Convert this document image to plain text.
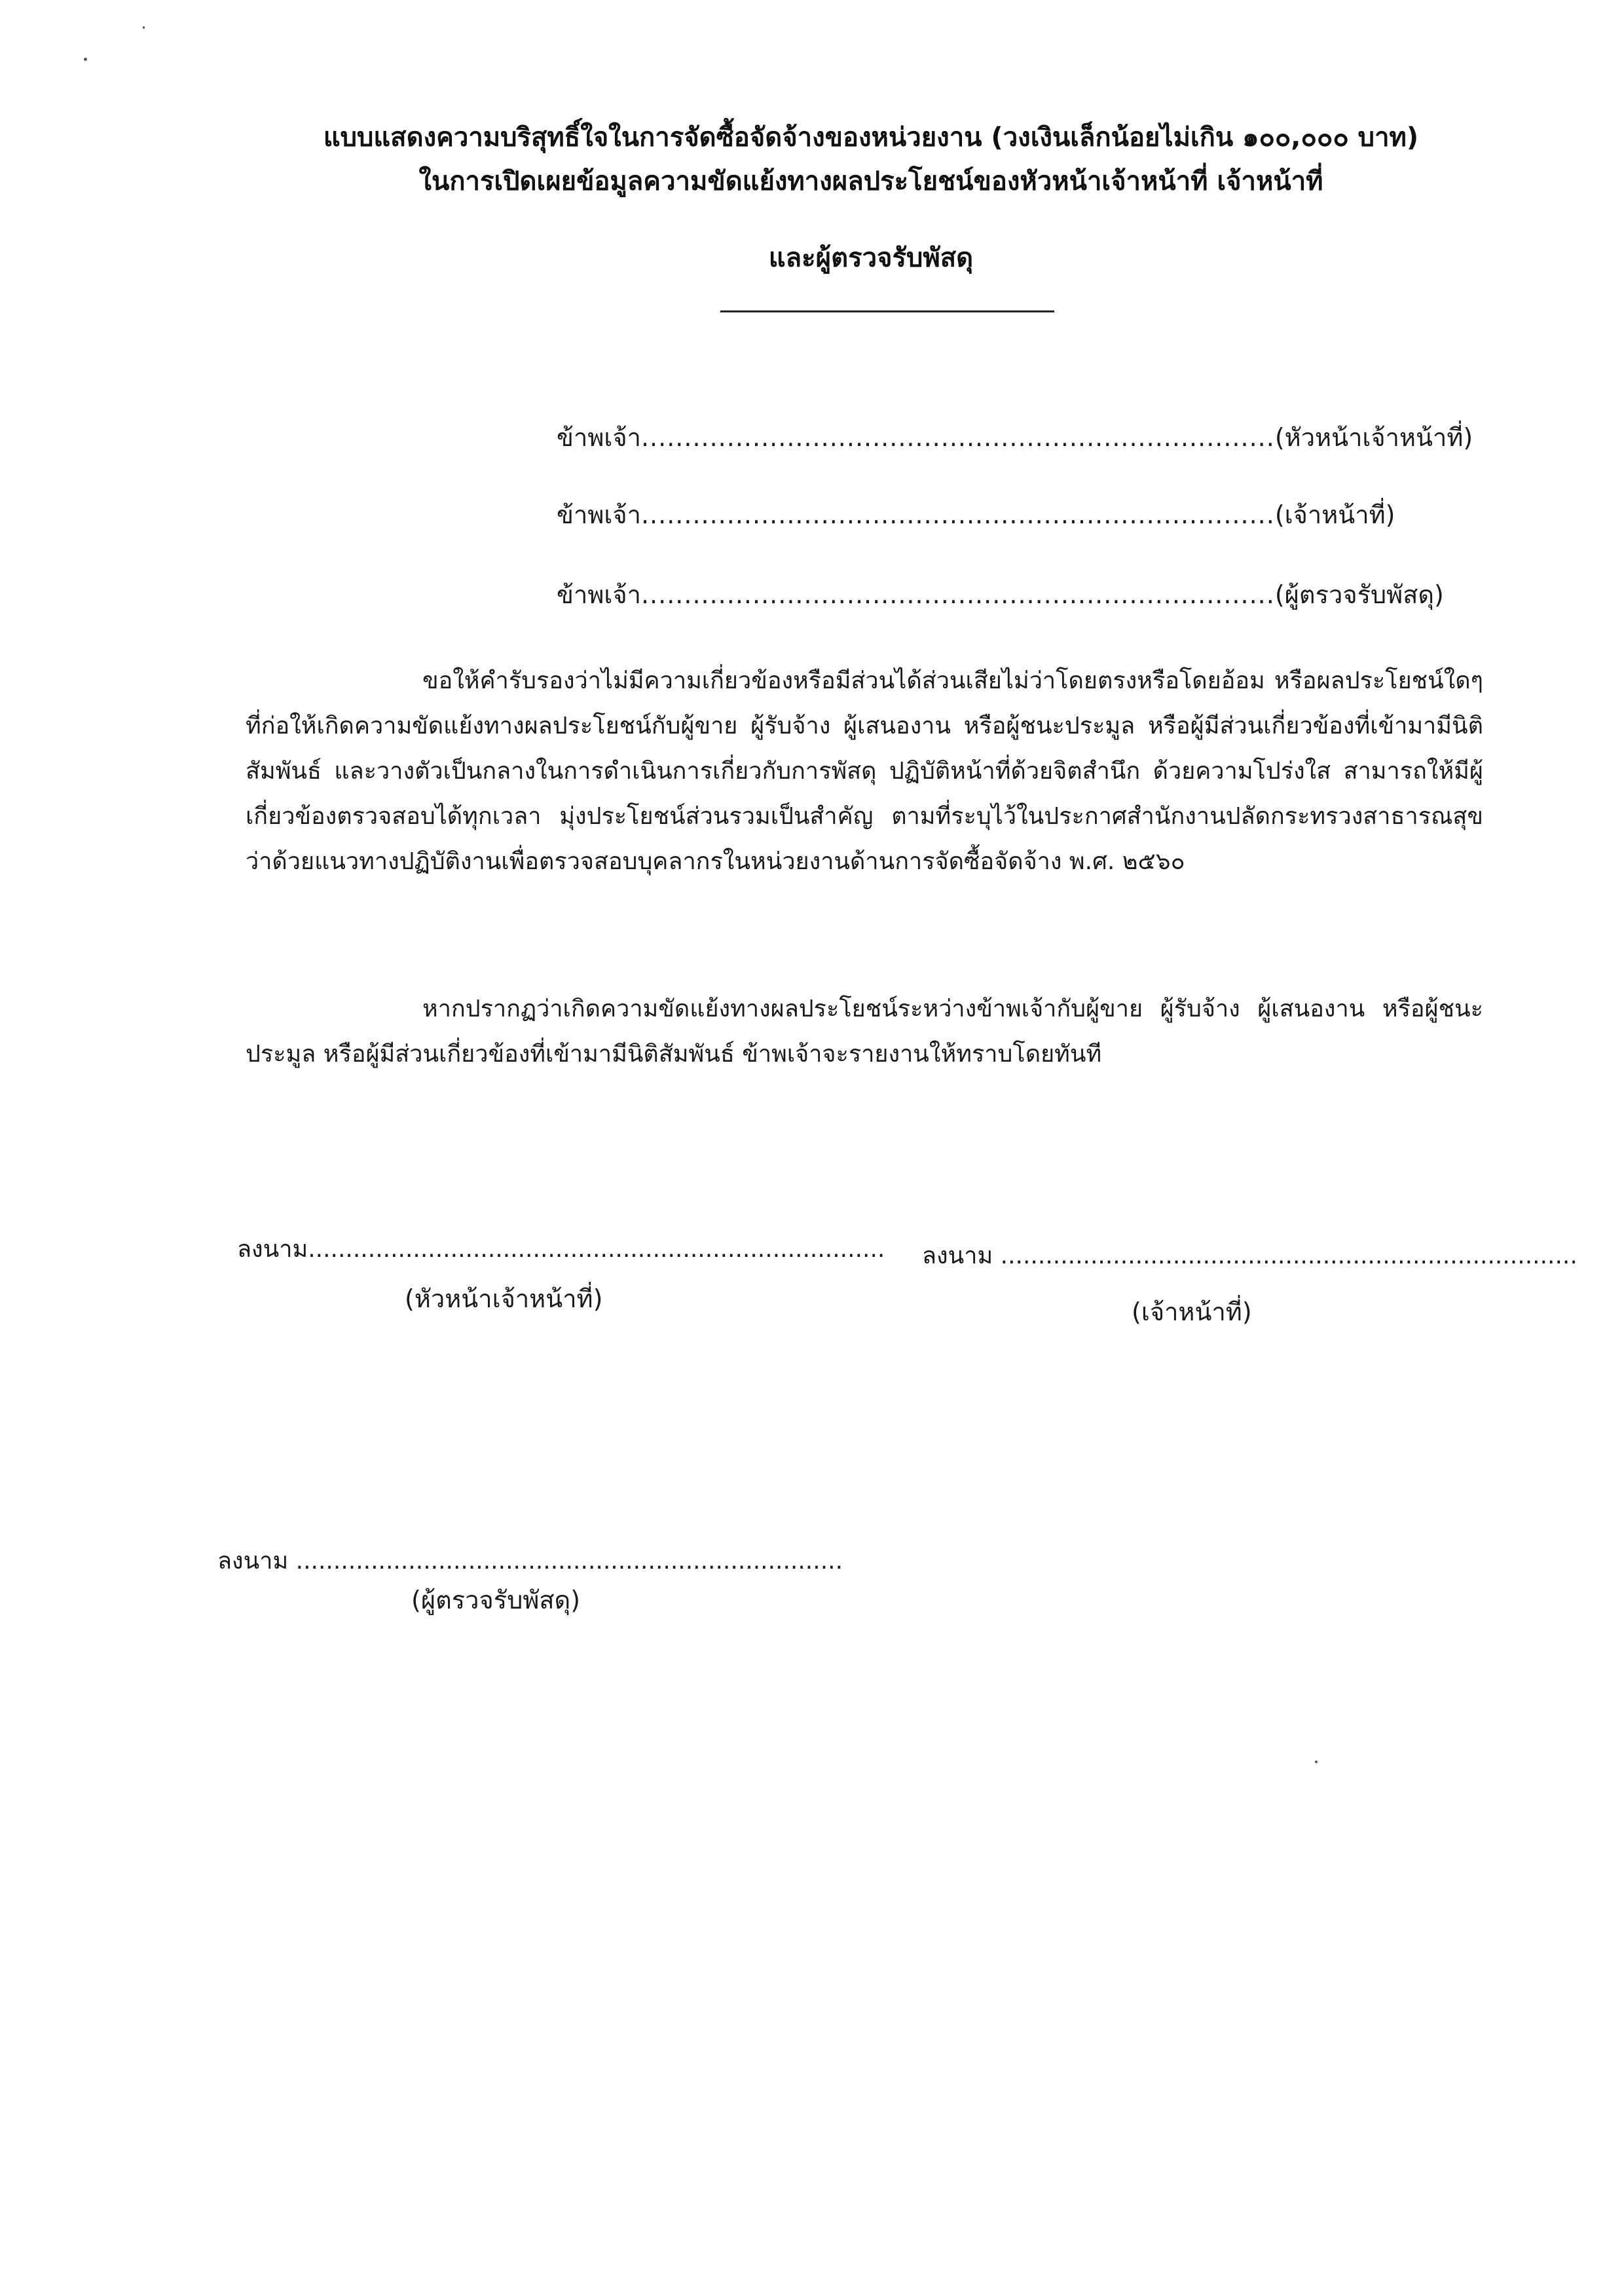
แบบแสดงความบริสุทธิ์ใจในการจัดซื้อจัดจ้างของหน่วยงาน (วงเงินเล็กน้อยไม่เกิน ๑๐๐,๐๐๐ บาท)
ในการเปิดเผยข้อมูลความขัดแย้งทางผลประโยชน์ของหัวหน้าเจ้าหน้าที่ เจ้าหน้าที่
และผู้ตรวจรับพัสดุ
ข้าพเจ้า..........................................................................(หัวหน้าเจ้าหน้าที่)
ข้าพเจ้า..........................................................................(เจ้าหน้าที่)
ข้าพเจ้า..........................................................................(ผู้ตรวจรับพัสดุ)

ขอให้คำรับรองว่าไม่มีความเกี่ยวข้องหรือมีส่วนได้ส่วนเสียไม่ว่าโดยตรงหรือโดยอ้อม หรือผลประโยชน์ใดๆ ที่ก่อให้เกิดความขัดแย้งทางผลประโยชน์กับผู้ขาย ผู้รับจ้าง ผู้เสนองาน หรือผู้ชนะประมูล หรือผู้มีส่วนเกี่ยวข้องที่เข้ามามีนิติสัมพันธ์ และวางตัวเป็นกลางในการดำเนินการเกี่ยวกับการพัสดุ ปฏิบัติหน้าที่ด้วยจิตสำนึก ด้วยความโปร่งใส สามารถให้มีผู้เกี่ยวข้องตรวจสอบได้ทุกเวลา มุ่งประโยชน์ส่วนรวมเป็นสำคัญ ตามที่ระบุไว้ในประกาศสำนักงานปลัดกระทรวงสาธารณสุขว่าด้วยแนวทางปฏิบัติงานเพื่อตรวจสอบบุคลากรในหน่วยงานด้านการจัดซื้อจัดจ้าง พ.ศ. ๒๕๖๐

หากปรากฏว่าเกิดความขัดแย้งทางผลประโยชน์ระหว่างข้าพเจ้ากับผู้ขาย ผู้รับจ้าง ผู้เสนองาน หรือผู้ชนะประมูล หรือผู้มีส่วนเกี่ยวข้องที่เข้ามามีนิติสัมพันธ์ ข้าพเจ้าจะรายงานให้ทราบโดยทันที

ลงนาม.............................................................................
(หัวหน้าเจ้าหน้าที่)
ลงนาม .............................................................................
(เจ้าหน้าที่)
ลงนาม .........................................................................
(ผู้ตรวจรับพัสดุ)
